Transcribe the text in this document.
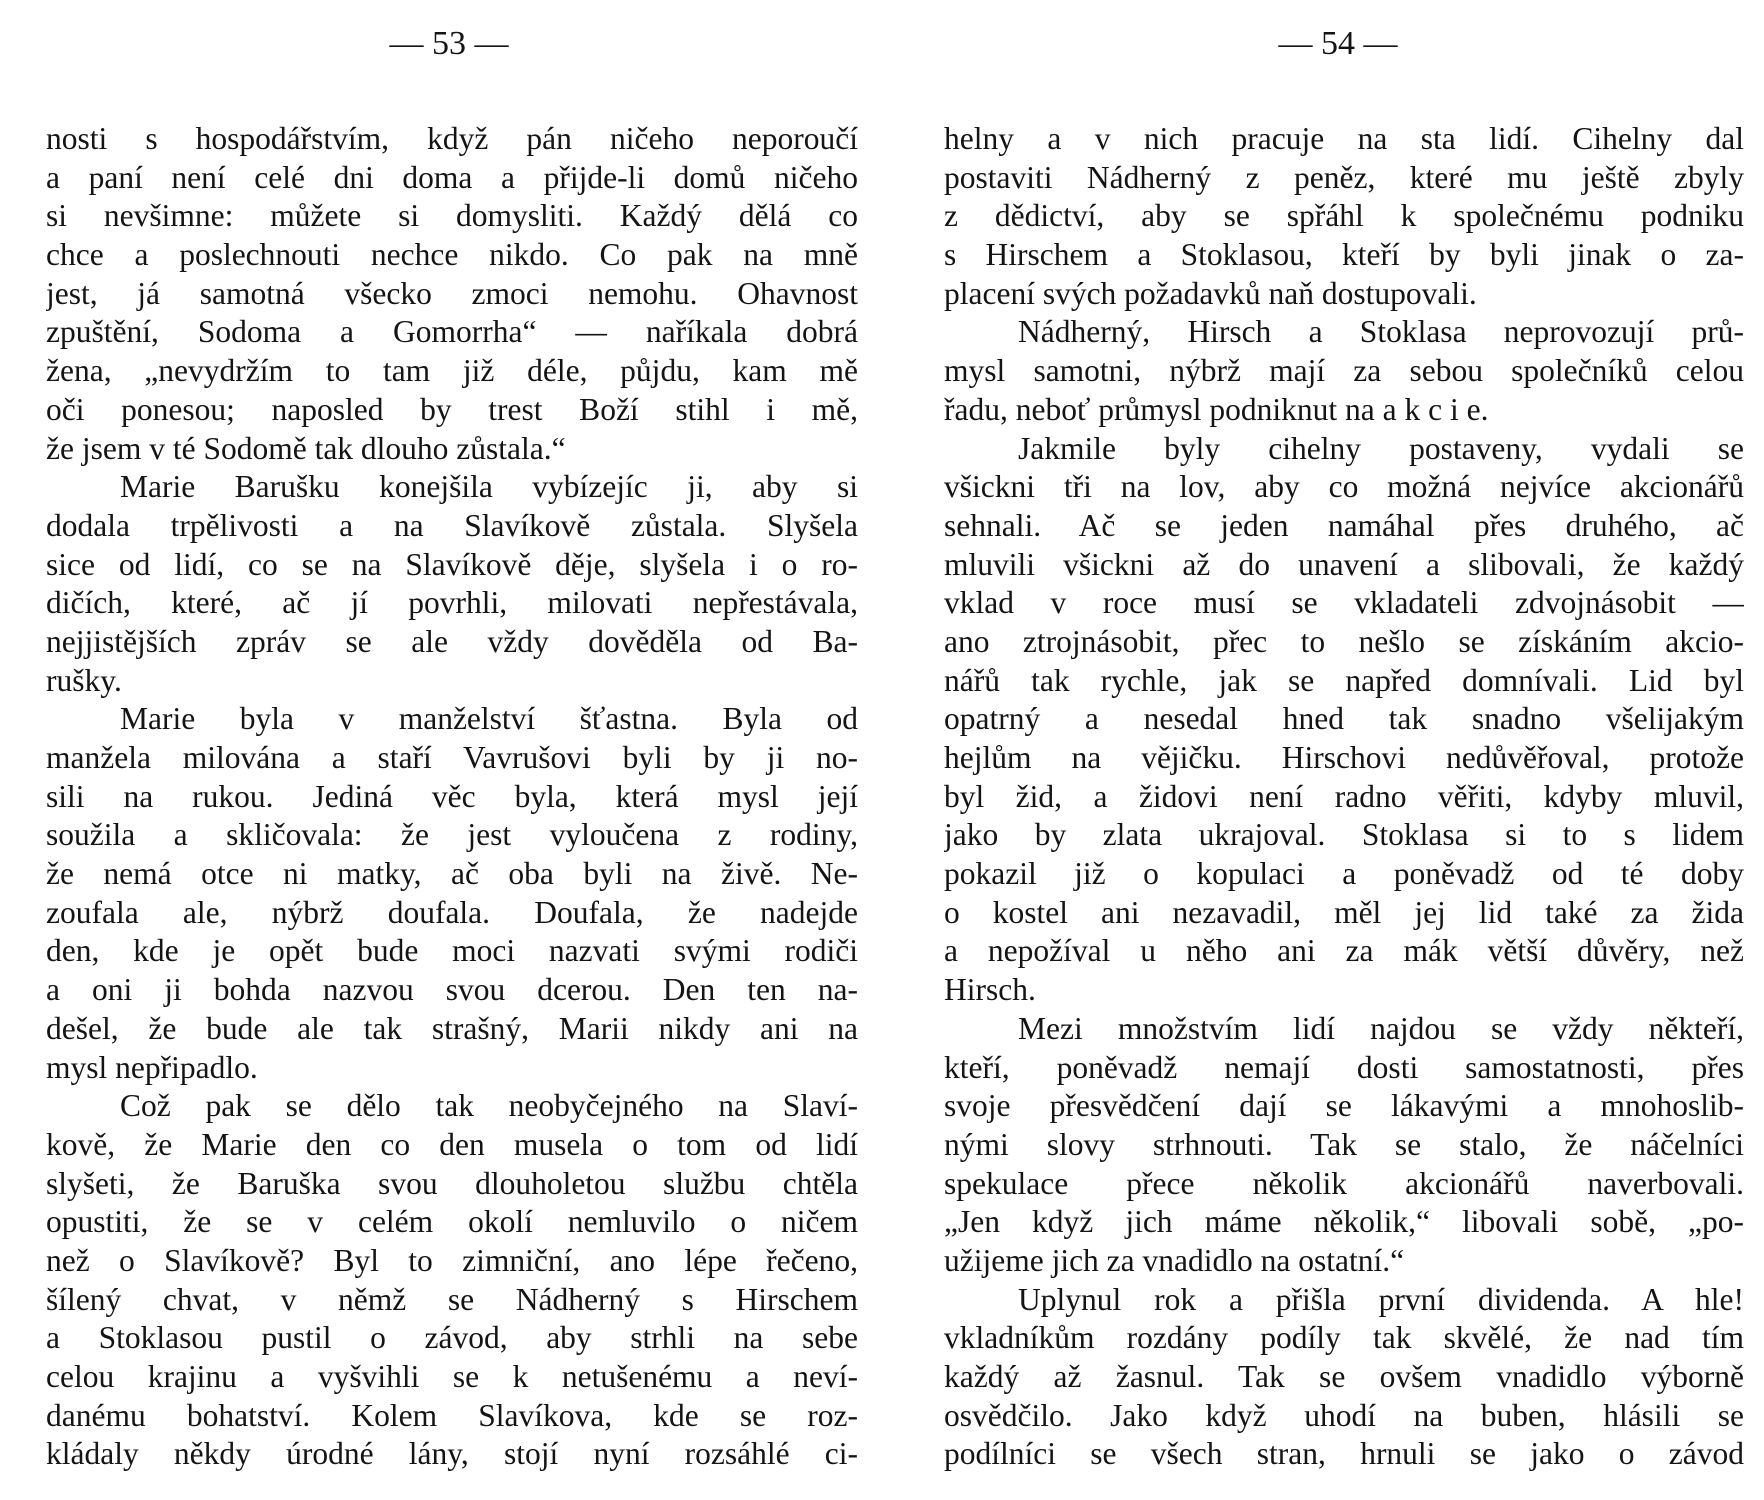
— 53 —
nosti s hospodářstvím, když pán ničeho neporoučí
a paní není celé dni doma a přijde-li domů ničeho
si nevšimne: můžete si domysliti. Každý dělá co
chce a poslechnouti nechce nikdo. Co pak na mně
jest, já samotná všecko zmoci nemohu. Ohavnost
zpuštění, Sodoma a Gomorrha“ — naříkala dobrá
žena, „nevydržím to tam již déle, půjdu, kam mě
oči ponesou; naposled by trest Boží stihl i mě,
že jsem v té Sodomě tak dlouho zůstala.“
Marie Barušku konejšila vybízejíc ji, aby si
dodala trpělivosti a na Slavíkově zůstala. Slyšela
sice od lidí, co se na Slavíkově děje, slyšela i o ro-
dičích, které, ač jí povrhli, milovati nepřestávala,
nejjistějších zpráv se ale vždy dověděla od Ba-
rušky.
Marie byla v manželství šťastna. Byla od
manžela milována a staří Vavrušovi byli by ji no-
sili na rukou. Jediná věc byla, která mysl její
soužila a skličovala: že jest vyloučena z rodiny,
že nemá otce ni matky, ač oba byli na živě. Ne-
zoufala ale, nýbrž doufala. Doufala, že nadejde
den, kde je opět bude moci nazvati svými rodiči
a oni ji bohda nazvou svou dcerou. Den ten na-
dešel, že bude ale tak strašný, Marii nikdy ani na
mysl nepřipadlo.
Což pak se dělo tak neobyčejného na Slaví-
kově, že Marie den co den musela o tom od lidí
slyšeti, že Baruška svou dlouholetou službu chtěla
opustiti, že se v celém okolí nemluvilo o ničem
než o Slavíkově? Byl to zimniční, ano lépe řečeno,
šílený chvat, v němž se Nádherný s Hirschem
a Stoklasou pustil o závod, aby strhli na sebe
celou krajinu a vyšvihli se k netušenému a neví-
danému bohatství. Kolem Slavíkova, kde se roz-
kládaly někdy úrodné lány, stojí nyní rozsáhlé ci-
— 54 —
helny a v nich pracuje na sta lidí. Cihelny dal
postaviti Nádherný z peněz, které mu ještě zbyly
z dědictví, aby se spřáhl k společnému podniku
s Hirschem a Stoklasou, kteří by byli jinak o za-
placení svých požadavků naň dostupovali.
Nádherný, Hirsch a Stoklasa neprovozují prů-
mysl samotni, nýbrž mají za sebou společníků celou
řadu, neboť průmysl podniknut na a k c i e.
Jakmile byly cihelny postaveny, vydali se
všickni tři na lov, aby co možná nejvíce akcionářů
sehnali. Ač se jeden namáhal přes druhého, ač
mluvili všickni až do unavení a slibovali, že každý
vklad v roce musí se vkladateli zdvojnásobit —
ano ztrojnásobit, přec to nešlo se získáním akcio-
nářů tak rychle, jak se napřed domnívali. Lid byl
opatrný a nesedal hned tak snadno všelijakým
hejlům na vějičku. Hirschovi nedůvěřoval, protože
byl žid, a židovi není radno věřiti, kdyby mluvil,
jako by zlata ukrajoval. Stoklasa si to s lidem
pokazil již o kopulaci a poněvadž od té doby
o kostel ani nezavadil, měl jej lid také za žida
a nepožíval u něho ani za mák větší důvěry, než
Hirsch.
Mezi množstvím lidí najdou se vždy někteří,
kteří, poněvadž nemají dosti samostatnosti, přes
svoje přesvědčení dají se lákavými a mnohoslib-
nými slovy strhnouti. Tak se stalo, že náčelníci
spekulace přece několik akcionářů naverbovali.
„Jen když jich máme několik,“ libovali sobě, „po-
užijeme jich za vnadidlo na ostatní.“
Uplynul rok a přišla první dividenda. A hle!
vkladníkům rozdány podíly tak skvělé, že nad tím
každý až žasnul. Tak se ovšem vnadidlo výborně
osvědčilo. Jako když uhodí na buben, hlásili se
podílníci se všech stran, hrnuli se jako o závod
